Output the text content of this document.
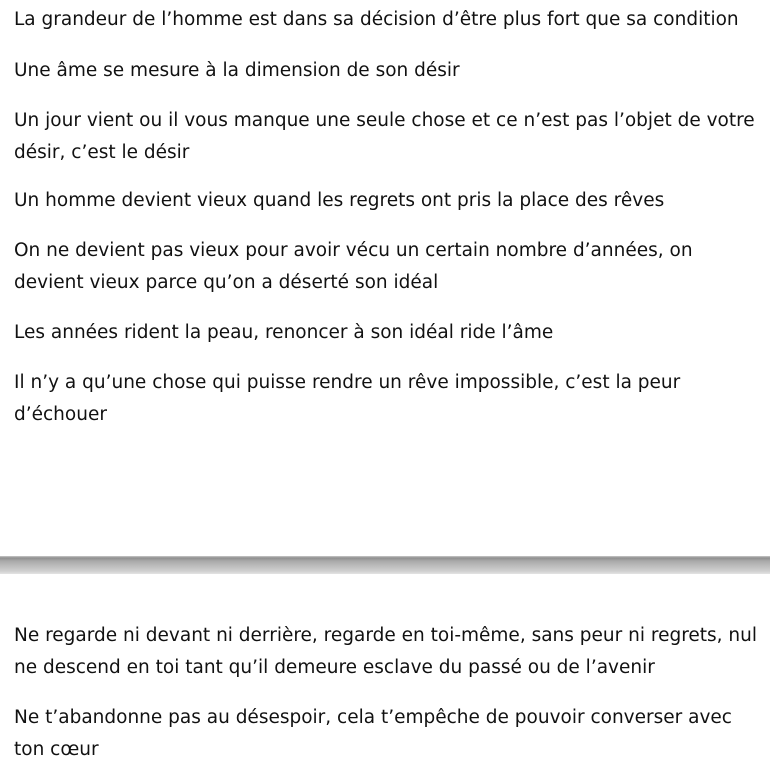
La grandeur de l’homme est dans sa décision d’être plus fort que sa condition

Une âme se mesure à la dimension de son désir

Un jour vient ou il vous manque une seule chose et ce n’est pas l’objet de votre désir, c’est le désir

Un homme devient vieux quand les regrets ont pris la place des rêves

On ne devient pas vieux pour avoir vécu un certain nombre d’années, on devient vieux parce qu’on a déserté son idéal

Les années rident la peau, renoncer à son idéal ride l’âme

Il n’y a qu’une chose qui puisse rendre un rêve impossible, c’est la peur d’échouer

Ne regarde ni devant ni derrière, regarde en toi-même, sans peur ni regrets, nul ne descend en toi tant qu’il demeure esclave du passé ou de l’avenir

Ne t’abandonne pas au désespoir, cela t’empêche de pouvoir converser avec ton cœur
